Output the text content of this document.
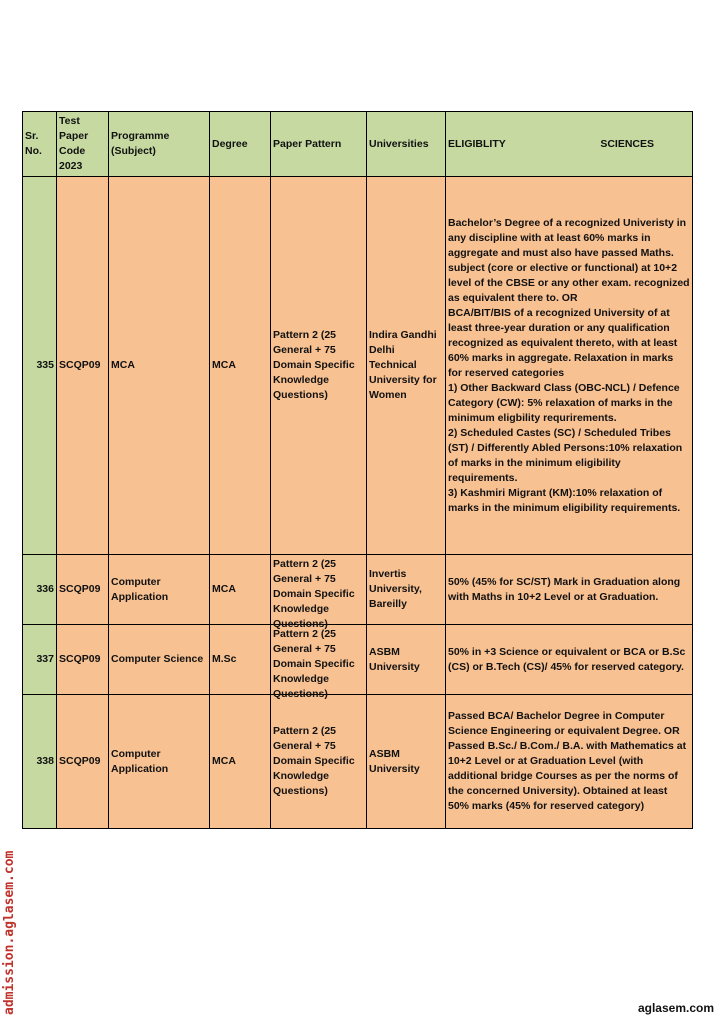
Sr. No.	Test Paper Code 2023	Programme (Subject)	Degree	Paper Pattern	Universities	ELIGIBLITY SCIENCES

335	SCQP09	MCA	MCA	Pattern 2 (25 General + 75 Domain Specific Knowledge Questions)	Indira Gandhi Delhi Technical University for Women	Bachelor’s Degree of a recognized Univeristy in any discipline with at least 60% marks in aggregate and must also have passed Maths. subject (core or elective or functional) at 10+2 level of the CBSE or any other exam. recognized as equivalent there to. OR
BCA/BIT/BIS of a recognized University of at least three-year duration or any qualification recognized as equivalent thereto, with at least 60% marks in aggregate. Relaxation in marks for reserved categories
1) Other Backward Class (OBC-NCL) / Defence Category (CW): 5% relaxation of marks in the minimum eligbility requrirements.
2) Scheduled Castes (SC) / Scheduled Tribes (ST) / Differently Abled Persons:10% relaxation of marks in the minimum eligibility requirements.
3) Kashmiri Migrant (KM):10% relaxation of marks in the minimum eligibility requirements.
336	SCQP09	Computer Application	MCA	Pattern 2 (25 General + 75 Domain Specific Knowledge Questions)	Invertis University, Bareilly	50% (45% for SC/ST) Mark in Graduation along with Maths in 10+2 Level or at Graduation.
337	SCQP09	Computer Science	M.Sc	Pattern 2 (25 General + 75 Domain Specific Knowledge Questions)	ASBM University	50% in +3 Science or equivalent or BCA or B.Sc (CS) or B.Tech (CS)/ 45% for reserved category.
338	SCQP09	Computer Application	MCA	Pattern 2 (25 General + 75 Domain Specific Knowledge Questions)	ASBM University	Passed BCA/ Bachelor Degree in Computer Science Engineering or equivalent Degree. OR Passed B.Sc./ B.Com./ B.A. with Mathematics at 10+2 Level or at Graduation Level (with additional bridge Courses as per the norms of the concerned University). Obtained at least 50% marks (45% for reserved category)
admission.aglasem.com	aglasem.com
